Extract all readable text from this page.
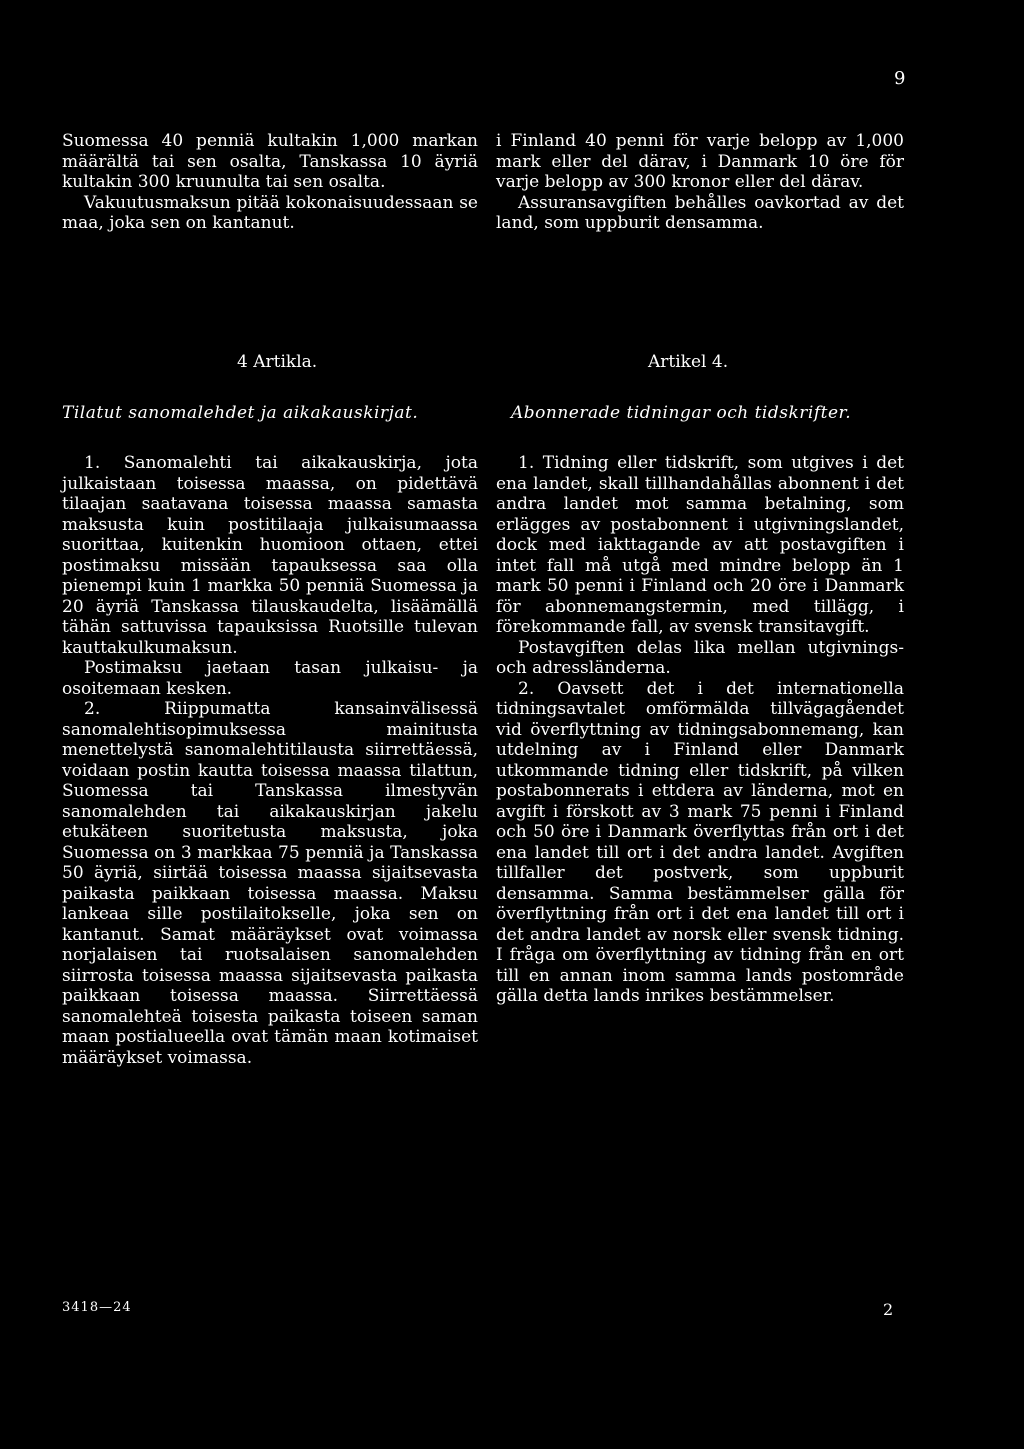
9

Suomessa 40 penniä kultakin 1,000 markan määrältä tai sen osalta, Tanskassa 10 äyriä kultakin 300 kruunulta tai sen osalta.

Vakuutusmaksun pitää kokonaisuudessaan se maa, joka sen on kantanut.

i Finland 40 penni för varje belopp av 1,000 mark eller del därav, i Danmark 10 öre för varje belopp av 300 kronor eller del därav.

Assuransavgiften behålles oavkortad av det land, som uppburit densamma.

4 Artikla.	Artikel 4.
Tilatut sanomalehdet ja aikakauskirjat.	Abonnerade tidningar och tidskrifter.

1. Sanomalehti tai aikakauskirja, jota julkaistaan toisessa maassa, on pidettävä tilaajan saatavana toisessa maassa samasta maksusta kuin postitilaaja julkaisumaassa suorittaa, kuitenkin huomioon ottaen, ettei postimaksu missään tapauksessa saa olla pienempi kuin 1 markka 50 penniä Suomessa ja 20 äyriä Tanskassa tilauskaudelta, lisäämällä tähän sattuvissa tapauksissa Ruotsille tulevan kauttakulkumaksun.

Postimaksu jaetaan tasan julkaisu- ja osoitemaan kesken.

2. Riippumatta kansainvälisessä sanomalehtisopimuksessa mainitusta menettelystä sanomalehtitilausta siirrettäessä, voidaan postin kautta toisessa maassa tilattun, Suomessa tai Tanskassa ilmestyvän sanomalehden tai aikakauskirjan jakelu etukäteen suoritetusta maksusta, joka Suomessa on 3 markkaa 75 penniä ja Tanskassa 50 äyriä, siirtää toisessa maassa sijaitsevasta paikasta paikkaan toisessa maassa. Maksu lankeaa sille postilaitokselle, joka sen on kantanut. Samat määräykset ovat voimassa norjalaisen tai ruotsalaisen sanomalehden siirrosta toisessa maassa sijaitsevasta paikasta paikkaan toisessa maassa. Siirrettäessä sanomalehteä toisesta paikasta toiseen saman maan postialueella ovat tämän maan kotimaiset määräykset voimassa.

1. Tidning eller tidskrift, som utgives i det ena landet, skall tillhandahållas abonnent i det andra landet mot samma betalning, som erlägges av postabonnent i utgivningslandet, dock med iakttagande av att postavgiften i intet fall må utgå med mindre belopp än 1 mark 50 penni i Finland och 20 öre i Danmark för abonnemangstermin, med tillägg, i förekommande fall, av svensk transitavgift.

Postavgiften delas lika mellan utgivnings- och adressländerna.

2. Oavsett det i det internationella tidningsavtalet omförmälda tillvägagåendet vid överflyttning av tidningsabonnemang, kan utdelning av i Finland eller Danmark utkommande tidning eller tidskrift, på vilken postabonnerats i ettdera av länderna, mot en avgift i förskott av 3 mark 75 penni i Finland och 50 öre i Danmark överflyttas från ort i det ena landet till ort i det andra landet. Avgiften tillfaller det postverk, som uppburit densamma. Samma bestämmelser gälla för överflyttning från ort i det ena landet till ort i det andra landet av norsk eller svensk tidning. I fråga om överflyttning av tidning från en ort till en annan inom samma lands postområde gälla detta lands inrikes bestämmelser.

3418—24	2
